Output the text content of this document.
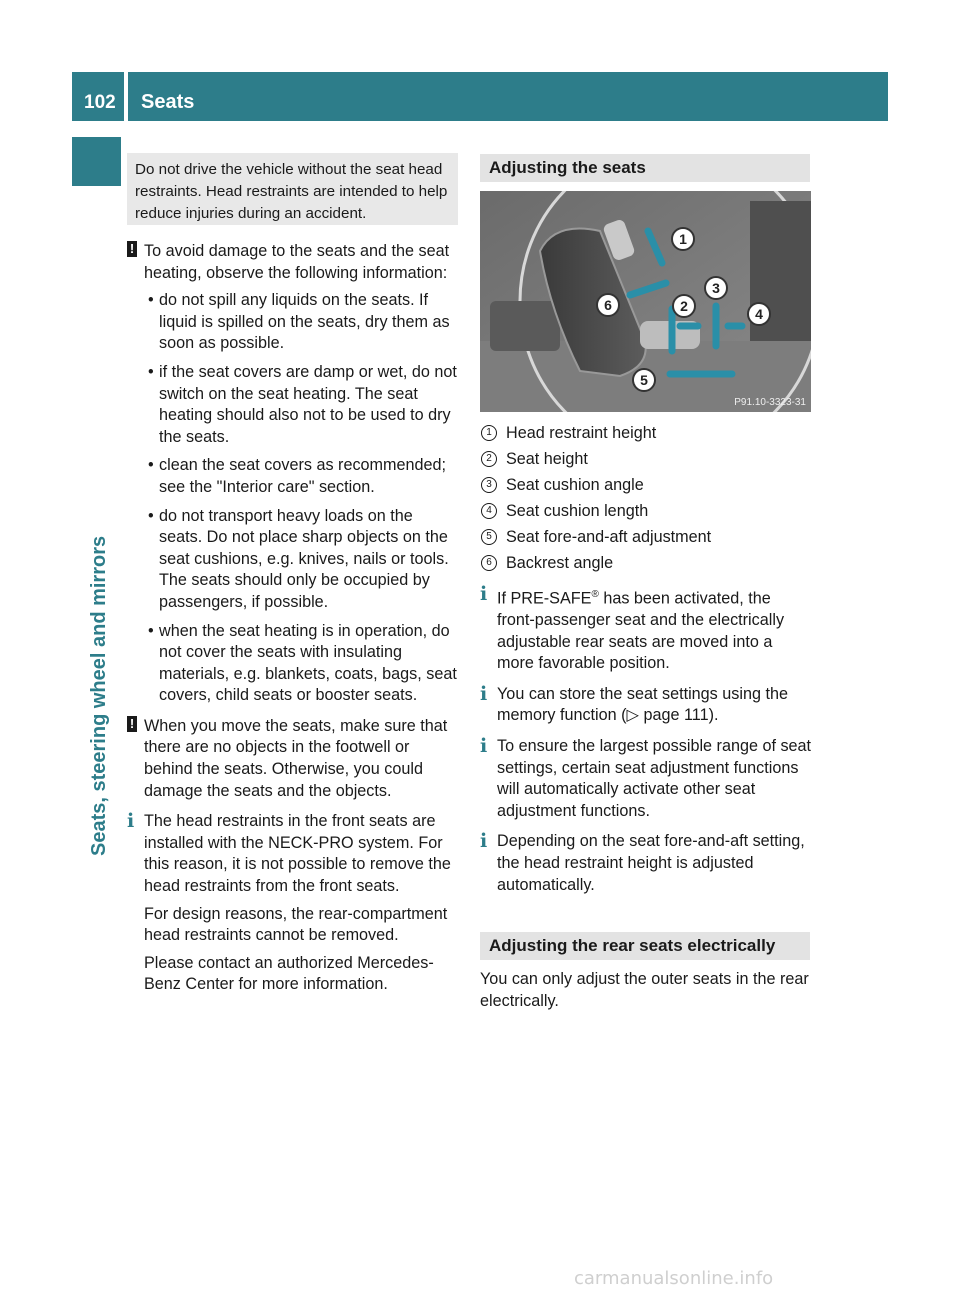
102 Seats
Seats, steering wheel and mirrors
Do not drive the vehicle without the seat head restraints. Head restraints are intended to help reduce injuries during an accident.
! To avoid damage to the seats and the seat heating, observe the following information:
• do not spill any liquids on the seats. If liquid is spilled on the seats, dry them as soon as possible.
• if the seat covers are damp or wet, do not switch on the seat heating. The seat heating should also not to be used to dry the seats.
• clean the seat covers as recommended; see the "Interior care" section.
• do not transport heavy loads on the seats. Do not place sharp objects on the seat cushions, e.g. knives, nails or tools. The seats should only be occupied by passengers, if possible.
• when the seat heating is in operation, do not cover the seats with insulating materials, e.g. blankets, coats, bags, seat covers, child seats or booster seats.
! When you move the seats, make sure that there are no objects in the footwell or behind the seats. Otherwise, you could damage the seats and the objects.
i The head restraints in the front seats are installed with the NECK-PRO system. For this reason, it is not possible to remove the head restraints from the front seats.
For design reasons, the rear-compartment head restraints cannot be removed.
Please contact an authorized Mercedes-Benz Center for more information.
Adjusting the seats
1
2
3
4
5
6
P91.10-3323-31
1 Head restraint height
2 Seat height
3 Seat cushion angle
4 Seat cushion length
5 Seat fore-and-aft adjustment
6 Backrest angle
i If PRE-SAFE® has been activated, the front-passenger seat and the electrically adjustable rear seats are moved into a more favorable position.
i You can store the seat settings using the memory function (▷ page 111).
i To ensure the largest possible range of seat settings, certain seat adjustment functions will automatically activate other seat adjustment functions.
i Depending on the seat fore-and-aft setting, the head restraint height is adjusted automatically.
Adjusting the rear seats electrically
You can only adjust the outer seats in the rear electrically.
carmanualsonline.info
